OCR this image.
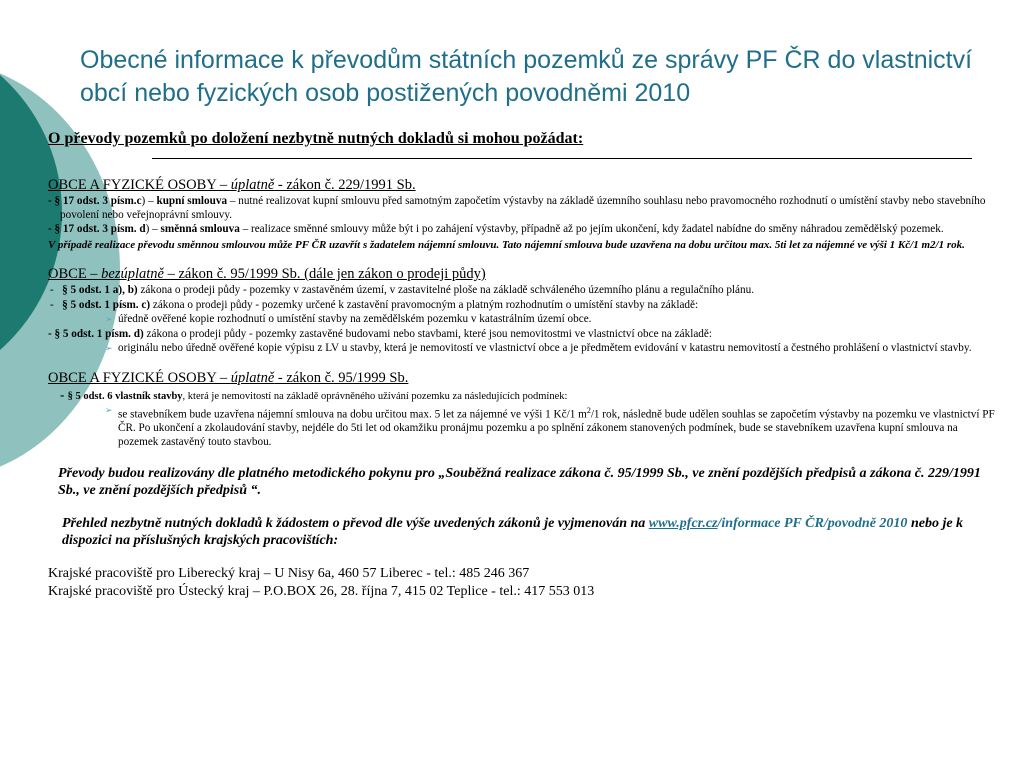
Obecné informace k převodům státních pozemků ze správy PF ČR do vlastnictví obcí nebo fyzických osob postižených povodněmi 2010

O převody pozemků po doložení nezbytně nutných dokladů si mohou požádat:

OBCE A FYZICKÉ OSOBY – úplatně - zákon č. 229/1991 Sb.

- § 17 odst. 3 písm.c) – kupní smlouva – nutné realizovat kupní smlouvu před samotným započetím výstavby na základě územního souhlasu nebo pravomocného rozhodnutí o umístění stavby nebo stavebního povolení nebo veřejnoprávní smlouvy.

- § 17 odst. 3 písm. d) – směnná smlouva – realizace směnné smlouvy může být i po zahájení výstavby, případně až po jejím ukončení, kdy žadatel nabídne do směny náhradou zemědělský pozemek.

V případě realizace převodu směnnou smlouvou může PF ČR uzavřít s žadatelem nájemní smlouvu. Tato nájemní smlouva bude uzavřena na dobu určitou max. 5ti let za nájemné ve výši 1 Kč/1 m2/1 rok.

OBCE – bezúplatně – zákon č. 95/1999 Sb. (dále jen zákon o prodeji půdy)

- § 5 odst. 1 a), b) zákona o prodeji půdy - pozemky v zastavěném území, v zastavitelné ploše na základě schváleného územního plánu a regulačního plánu.

- § 5 odst. 1 písm. c) zákona o prodeji půdy - pozemky určené k zastavění pravomocným a platným rozhodnutím o umístění stavby na základě:

➢ úředně ověřené kopie rozhodnutí o umístění stavby na zemědělském pozemku v katastrálním území obce.

- § 5 odst. 1 písm. d) zákona o prodeji půdy - pozemky zastavěné budovami nebo stavbami, které jsou nemovitostmi ve vlastnictví obce na základě:

➢ originálu nebo úředně ověřené kopie výpisu z LV u stavby, která je nemovitostí ve vlastnictví obce a je předmětem evidování v katastru nemovitostí a čestného prohlášení o vlastnictví stavby.

OBCE A FYZICKÉ OSOBY – úplatně - zákon č. 95/1999 Sb.

- § 5 odst. 6 vlastník stavby, která je nemovitostí na základě oprávněného užívání pozemku za následujících podmínek:

➢ se stavebníkem bude uzavřena nájemní smlouva na dobu určitou max. 5 let za nájemné ve výši 1 Kč/1 $m^2/1$ rok, následně bude udělen souhlas se započetím výstavby na pozemku ve vlastnictví PF ČR. Po ukončení a zkolaudování stavby, nejdéle do 5ti let od okamžiku pronájmu pozemku a po splnění zákonem stanovených podmínek, bude se stavebníkem uzavřena kupní smlouva na pozemek zastavěný touto stavbou.

Převody budou realizovány dle platného metodického pokynu pro „Souběžná realizace zákona č. 95/1999 Sb., ve znění pozdějších předpisů a zákona č. 229/1991 Sb., ve znění pozdějších předpisů “.

Přehled nezbytně nutných dokladů k žádostem o převod dle výše uvedených zákonů je vyjmenován na www.pfcr.cz/informace PF ČR/povodně 2010 nebo je k dispozici na příslušných krajských pracovištích:

Krajské pracoviště pro Liberecký kraj – U Nisy 6a, 460 57 Liberec - tel.: 485 246 367

Krajské pracoviště pro Ústecký kraj – P.O.BOX 26, 28. října 7, 415 02 Teplice - tel.: 417 553 013
